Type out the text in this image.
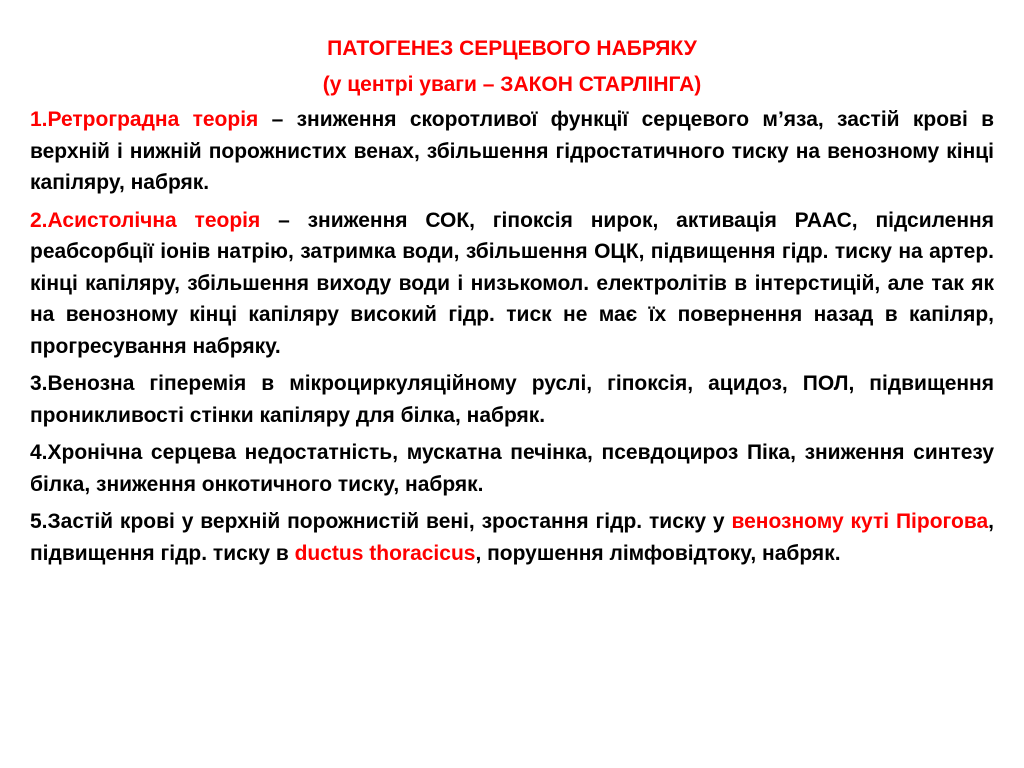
ПАТОГЕНЕЗ СЕРЦЕВОГО НАБРЯКУ

(у центрі уваги – ЗАКОН СТАРЛІНГА)

1.Ретроградна теорія – зниження скоротливої функції серцевого м’яза, застій крові в верхній і нижній порожнистих венах, збільшення гідростатичного тиску на венозному кінці капіляру, набряк.

2.Асистолічна теорія – зниження СОК, гіпоксія нирок, активація РААС, підсилення реабсорбції іонів натрію, затримка води, збільшення ОЦК, підвищення гідр. тиску на артер. кінці капіляру, збільшення виходу води і низькомол. електролітів в інтерстицій, але так як на венозному кінці капіляру високий гідр. тиск не має їх повернення назад в капіляр, прогресування набряку.

3.Венозна гіперемія в мікроциркуляційному руслі, гіпоксія, ацидоз, ПОЛ, підвищення проникливості стінки капіляру для білка, набряк.

4.Хронічна серцева недостатність, мускатна печінка, псевдоцироз Піка, зниження синтезу білка, зниження онкотичного тиску, набряк.

5.Застій крові у верхній порожнистій вені, зростання гідр. тиску у венозному куті Пірогова, підвищення гідр. тиску в ductus thoracicus, порушення лімфовідтоку, набряк.
